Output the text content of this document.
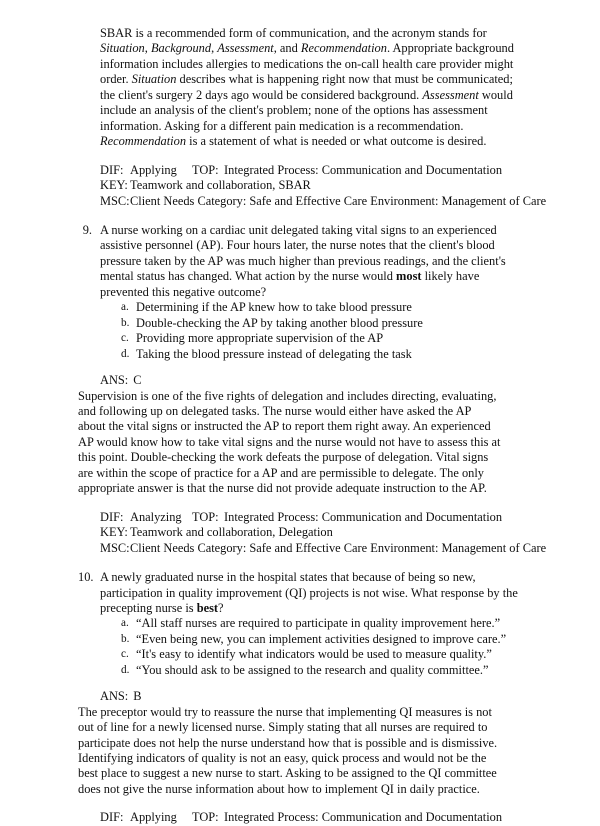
SBAR is a recommended form of communication, and the acronym stands for Situation, Background, Assessment, and Recommendation. Appropriate background information includes allergies to medications the on-call health care provider might order. Situation describes what is happening right now that must be communicated; the client's surgery 2 days ago would be considered background. Assessment would include an analysis of the client's problem; none of the options has assessment information. Asking for a different pain medication is a recommendation. Recommendation is a statement of what is needed or what outcome is desired.

DIF: Applying TOP: Integrated Process: Communication and Documentation
KEY: Teamwork and collaboration, SBAR
MSC:Client Needs Category: Safe and Effective Care Environment: Management of Care
9. A nurse working on a cardiac unit delegated taking vital signs to an experienced assistive personnel (AP). Four hours later, the nurse notes that the client's blood pressure taken by the AP was much higher than previous readings, and the client's mental status has changed. What action by the nurse would most likely have prevented this negative outcome?
a. Determining if the AP knew how to take blood pressure
b. Double-checking the AP by taking another blood pressure
c. Providing more appropriate supervision of the AP
d. Taking the blood pressure instead of delegating the task
ANS: C

Supervision is one of the five rights of delegation and includes directing, evaluating, and following up on delegated tasks. The nurse would either have asked the AP about the vital signs or instructed the AP to report them right away. An experienced AP would know how to take vital signs and the nurse would not have to assess this at this point. Double-checking the work defeats the purpose of delegation. Vital signs are within the scope of practice for a AP and are permissible to delegate. The only appropriate answer is that the nurse did not provide adequate instruction to the AP.

DIF: Analyzing TOP: Integrated Process: Communication and Documentation
KEY: Teamwork and collaboration, Delegation
MSC:Client Needs Category: Safe and Effective Care Environment: Management of Care
10. A newly graduated nurse in the hospital states that because of being so new, participation in quality improvement (QI) projects is not wise. What response by the precepting nurse is best?
a. “All staff nurses are required to participate in quality improvement here.”
b. “Even being new, you can implement activities designed to improve care.”
c. “It's easy to identify what indicators would be used to measure quality.”
d. “You should ask to be assigned to the research and quality committee.”
ANS: B

The preceptor would try to reassure the nurse that implementing QI measures is not out of line for a newly licensed nurse. Simply stating that all nurses are required to participate does not help the nurse understand how that is possible and is dismissive. Identifying indicators of quality is not an easy, quick process and would not be the best place to suggest a new nurse to start. Asking to be assigned to the QI committee does not give the nurse information about how to implement QI in daily practice.

DIF: Applying TOP: Integrated Process: Communication and Documentation
